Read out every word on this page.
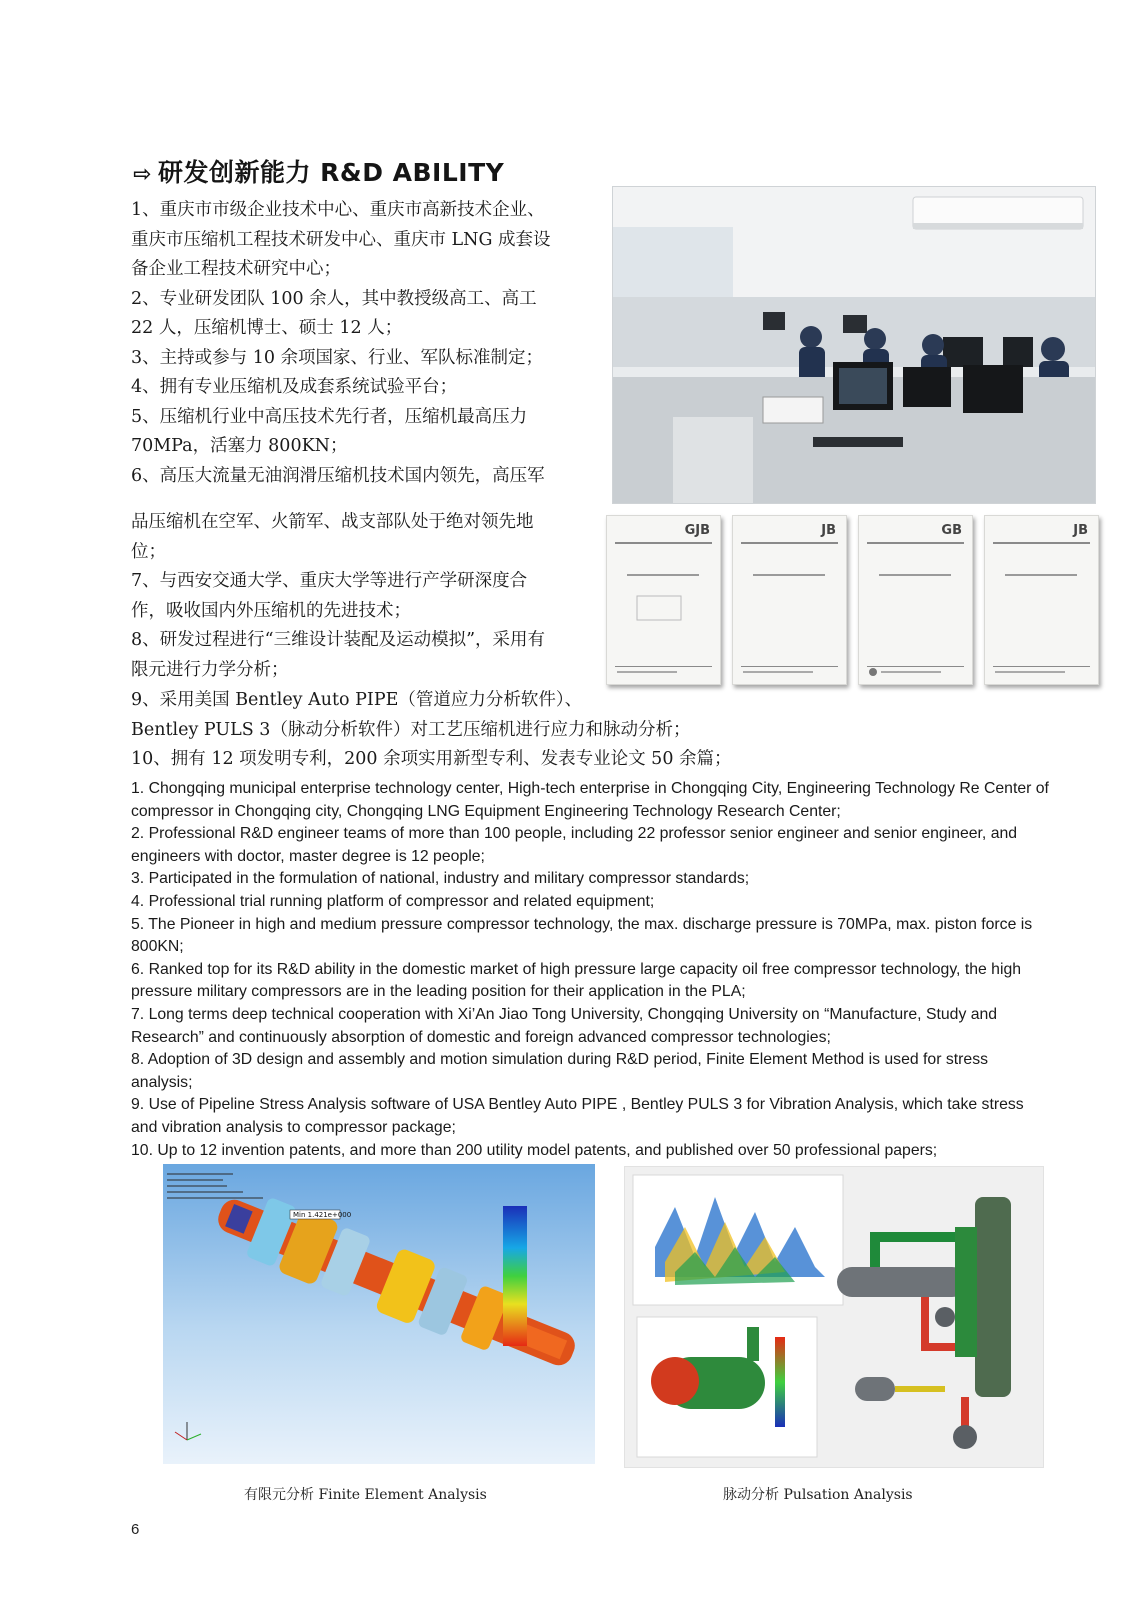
⇨ 研发创新能力 R&D ABILITY
1、重庆市市级企业技术中心、重庆市高新技术企业、
重庆市压缩机工程技术研发中心、重庆市 LNG 成套设
备企业工程技术研究中心；
2、专业研发团队 100 余人，其中教授级高工、高工
22 人，压缩机博士、硕士 12 人；
3、主持或参与 10 余项国家、行业、军队标准制定；
4、拥有专业压缩机及成套系统试验平台；
5、压缩机行业中高压技术先行者，压缩机最高压力
70MPa，活塞力 800KN；
6、高压大流量无油润滑压缩机技术国内领先，高压军
品压缩机在空军、火箭军、战支部队处于绝对领先地
位；
7、与西安交通大学、重庆大学等进行产学研深度合
作，吸收国内外压缩机的先进技术；
8、研发过程进行“三维设计装配及运动模拟”，采用有
限元进行力学分析；
9、采用美国 Bentley Auto PIPE（管道应力分析软件）、
Bentley PULS 3（脉动分析软件）对工艺压缩机进行应力和脉动分析；
10、拥有 12 项发明专利，200 余项实用新型专利、发表专业论文 50 余篇；
GJB	JB	GB	JB

1. Chongqing municipal enterprise technology center, High-tech enterprise in Chongqing City, Engineering Technology Re Center of compressor in Chongqing city, Chongqing LNG Equipment Engineering Technology Research Center;

2. Professional R&D engineer teams of more than 100 people, including 22 professor senior engineer and senior engineer, and engineers with doctor, master degree is 12 people;

3. Participated in the formulation of national, industry and military compressor standards;

4. Professional trial running platform of compressor and related equipment;

5. The Pioneer in high and medium pressure compressor technology, the max. discharge pressure is 70MPa, max. piston force is 800KN;

6. Ranked top for its R&D ability in the domestic market of high pressure large capacity oil free compressor technology, the high pressure military compressors are in the leading position for their application in the PLA;

7. Long terms deep technical cooperation with Xi’An Jiao Tong University, Chongqing University on “Manufacture, Study and Research” and continuously absorption of domestic and foreign advanced compressor technologies;

8. Adoption of 3D design and assembly and motion simulation during R&D period, Finite Element Method is used for stress analysis;

9. Use of Pipeline Stress Analysis software of USA Bentley Auto PIPE , Bentley PULS 3 for Vibration Analysis, which take stress and vibration analysis to compressor package;

10. Up to 12 invention patents, and more than 200 utility model patents, and published over 50 professional papers;

Min 1.421e+000
有限元分析 Finite Element Analysis	脉动分析 Pulsation Analysis
6
